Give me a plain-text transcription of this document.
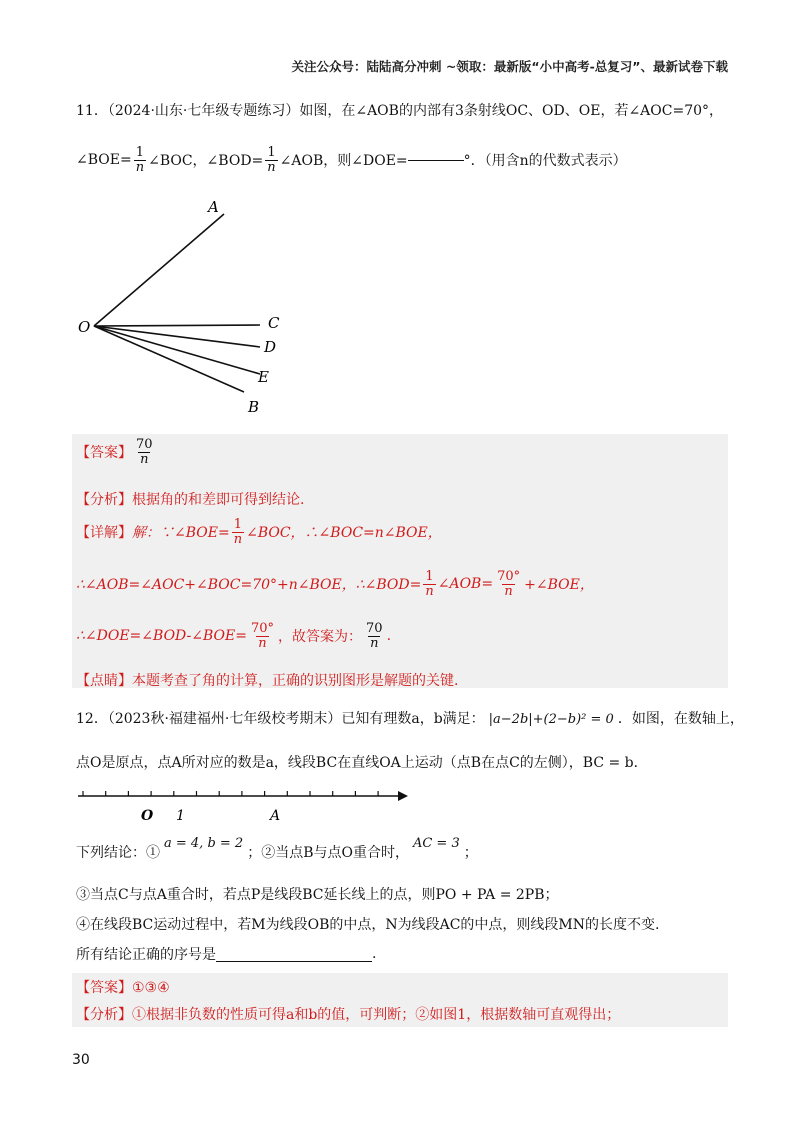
关注公众号：陆陆高分冲刺 ~领取：最新版“小中高考-总复习”、最新试卷下载
11．（2024·山东·七年级专题练习）如图，在∠AOB的内部有3条射线OC、OD、OE，若∠AOC=70°，
∠BOE= $\frac{1}{n}$ ∠BOC，∠BOD= $\frac{1}{n}$ ∠AOB，则∠DOE=	°．（用含n的代数式表示）
A
O	C
D
E
B
【答案】 $\frac{70}{n}$
【分析】根据角的和差即可得到结论.
【详解】 解：∵∠BOE= $\frac{1}{n}$ ∠BOC，∴∠BOC=n∠BOE，
∴∠AOB=∠AOC+∠BOC=70°+n∠BOE，∴∠BOD= $\frac{1}{n}$ ∠AOB= $\frac{70^\circ}{n}$ +∠BOE，
∴∠DOE=∠BOD-∠BOE= $\frac{70^\circ}{n}$ ，故答案为： $\frac{70}{n}$ .
【点睛】本题考查了角的计算，正确的识别图形是解题的关键.
12．（2023秋·福建福州·七年级校考期末）已知有理数a，b满足： |a−2b|+(2−b)² = 0 ．如图，在数轴上，
点O是原点，点A所对应的数是a，线段BC在直线OA上运动（点B在点C的左侧），BC = b．
O 1	A
下列结论：①a = 4, b = 2；②当点B与点O重合时，AC = 3；
③当点C与点A重合时，若点P是线段BC延长线上的点，则PO + PA = 2PB；
④在线段BC运动过程中，若M为线段OB的中点，N为线段AC的中点，则线段MN的长度不变.
所有结论正确的序号是	.
【答案】①③④
【分析】①根据非负数的性质可得a和b的值，可判断；②如图1，根据数轴可直观得出；
30
